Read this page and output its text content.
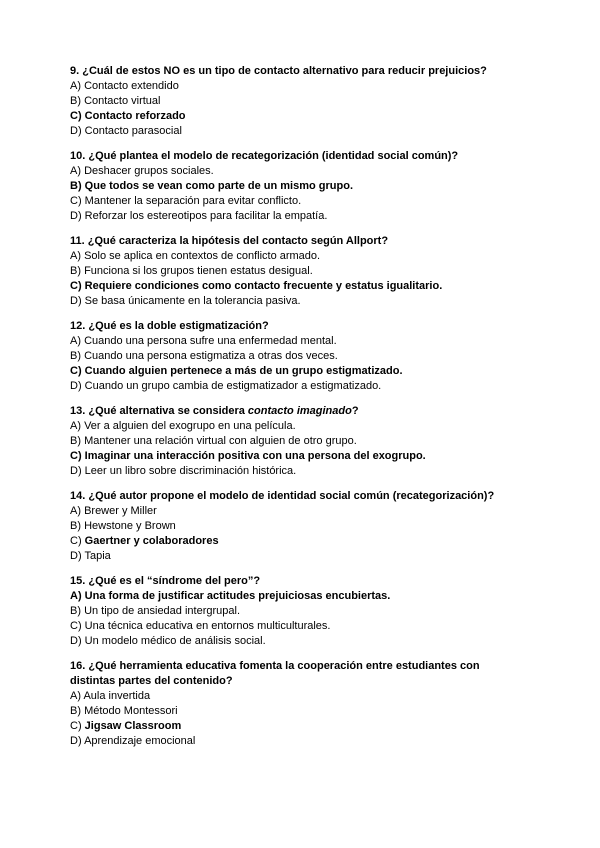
9. ¿Cuál de estos NO es un tipo de contacto alternativo para reducir prejuicios?
A) Contacto extendido
B) Contacto virtual
C) Contacto reforzado
D) Contacto parasocial
10. ¿Qué plantea el modelo de recategorización (identidad social común)?
A) Deshacer grupos sociales.
B) Que todos se vean como parte de un mismo grupo.
C) Mantener la separación para evitar conflicto.
D) Reforzar los estereotipos para facilitar la empatía.
11. ¿Qué caracteriza la hipótesis del contacto según Allport?
A) Solo se aplica en contextos de conflicto armado.
B) Funciona si los grupos tienen estatus desigual.
C) Requiere condiciones como contacto frecuente y estatus igualitario.
D) Se basa únicamente en la tolerancia pasiva.
12. ¿Qué es la doble estigmatización?
A) Cuando una persona sufre una enfermedad mental.
B) Cuando una persona estigmatiza a otras dos veces.
C) Cuando alguien pertenece a más de un grupo estigmatizado.
D) Cuando un grupo cambia de estigmatizador a estigmatizado.
13. ¿Qué alternativa se considera contacto imaginado?
A) Ver a alguien del exogrupo en una película.
B) Mantener una relación virtual con alguien de otro grupo.
C) Imaginar una interacción positiva con una persona del exogrupo.
D) Leer un libro sobre discriminación histórica.
14. ¿Qué autor propone el modelo de identidad social común (recategorización)?
A) Brewer y Miller
B) Hewstone y Brown
C) Gaertner y colaboradores
D) Tapia
15. ¿Qué es el “síndrome del pero”?
A) Una forma de justificar actitudes prejuiciosas encubiertas.
B) Un tipo de ansiedad intergrupal.
C) Una técnica educativa en entornos multiculturales.
D) Un modelo médico de análisis social.
16. ¿Qué herramienta educativa fomenta la cooperación entre estudiantes con
distintas partes del contenido?
A) Aula invertida
B) Método Montessori
C) Jigsaw Classroom
D) Aprendizaje emocional
